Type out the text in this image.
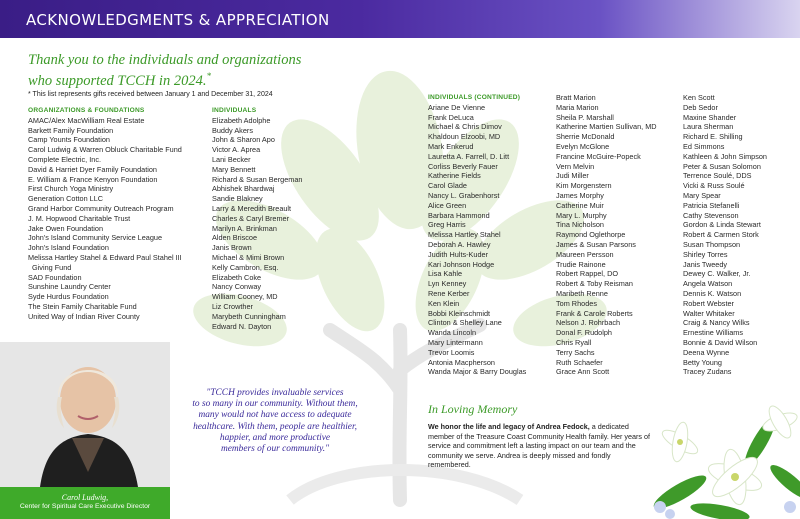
ACKNOWLEDGMENTS & APPRECIATION
Thank you to the individuals and organizations
who supported TCCH in 2024.*
* This list represents gifts received between January 1 and December 31, 2024
ORGANIZATIONS & FOUNDATIONS
AMAC/Alex MacWilliam Real Estate
Barkett Family Foundation
Camp Younts Foundation
Carol Ludwig & Warren Obluck Charitable Fund
Complete Electric, Inc.
David & Harriet Dyer Family Foundation
E. William & France Kenyon Foundation
First Church Yoga Ministry
Generation Cotton LLC
Grand Harbor Community Outreach Program
J. M. Hopwood Charitable Trust
Jake Owen Foundation
John's Island Community Service League
John's Island Foundation
Melissa Hartley Stahel & Edward Paul Stahel III
Giving Fund
SAD Foundation
Sunshine Laundry Center
Syde Hurdus Foundation
The Stein Family Charitable Fund
United Way of Indian River County
INDIVIDUALS
Elizabeth Adolphe
Buddy Akers
John & Sharon Apo
Victor A. Aprea
Lani Becker
Mary Bennett
Richard & Susan Bergeman
Abhishek Bhardwaj
Sandie Blakney
Larry & Meredith Breault
Charles & Caryl Bremer
Marilyn A. Brinkman
Alden Briscoe
Janis Brown
Michael & Mimi Brown
Kelly Cambron, Esq.
Elizabeth Coke
Nancy Conway
William Cooney, MD
Liz Crowther
Marybeth Cunningham
Edward N. Dayton
INDIVIDUALS (CONTINUED)
Ariane De Vienne
Frank DeLuca
Michael & Chris Dimov
Khaldoun Elzoobi, MD
Mark Enkerud
Lauretta A. Farrell, D. Litt
Corliss Beverly Fauer
Katherine Fields
Carol Glade
Nancy L. Grabenhorst
Alice Green
Barbara Hammond
Greg Harris
Melissa Hartley Stahel
Deborah A. Hawley
Judith Hults-Kuder
Kari Johnson Hodge
Lisa Kahle
Lyn Kenney
Rene Kerber
Ken Klein
Bobbi Kleinschmidt
Clinton & Shelley Lane
Wanda Lincoln
Mary Lintermann
Trevor Loomis
Antonia Macpherson
Wanda Major & Barry Douglas
Bratt Marion
Maria Marion
Sheila P. Marshall
Katherine Martien Sullivan, MD
Sherrie McDonald
Evelyn McGlone
Francine McGuire-Popeck
Vern Melvin
Judi Miller
Kim Morgenstern
James Morphy
Catherine Muir
Mary L. Murphy
Tina Nicholson
Raymond Oglethorpe
James & Susan Parsons
Maureen Persson
Trudie Rainone
Robert Rappel, DO
Robert & Toby Reisman
Maribeth Renne
Tom Rhodes
Frank & Carole Roberts
Nelson J. Rohrbach
Donal F. Rudolph
Chris Ryall
Terry Sachs
Ruth Schaefer
Grace Ann Scott
Ken Scott
Deb Sedor
Maxine Shander
Laura Sherman
Richard E. Shilling
Ed Simmons
Kathleen & John Simpson
Peter & Susan Solomon
Terrence Soulé, DDS
Vicki & Russ Soulé
Mary Spear
Patricia Stefanelli
Cathy Stevenson
Gordon & Linda Stewart
Robert & Carmen Stork
Susan Thompson
Shirley Torres
Janis Tweedy
Dewey C. Walker, Jr.
Angela Watson
Dennis K. Watson
Robert Webster
Walter Whitaker
Craig & Nancy Wilks
Ernestine Williams
Bonnie & David Wilson
Deena Wynne
Betty Young
Tracey Zudans
Carol Ludwig,
Center for Spiritual Care Executive Director
"TCCH provides invaluable services
to so many in our community. Without them,
many would not have access to adequate
healthcare. With them, people are healthier,
happier, and more productive
members of our community."
In Loving Memory
We honor the life and legacy of Andrea Fedock, a dedicated member of the Treasure Coast Community Health family. Her years of service and commitment left a lasting impact on our team and the community we serve. Andrea is deeply missed and fondly remembered.
